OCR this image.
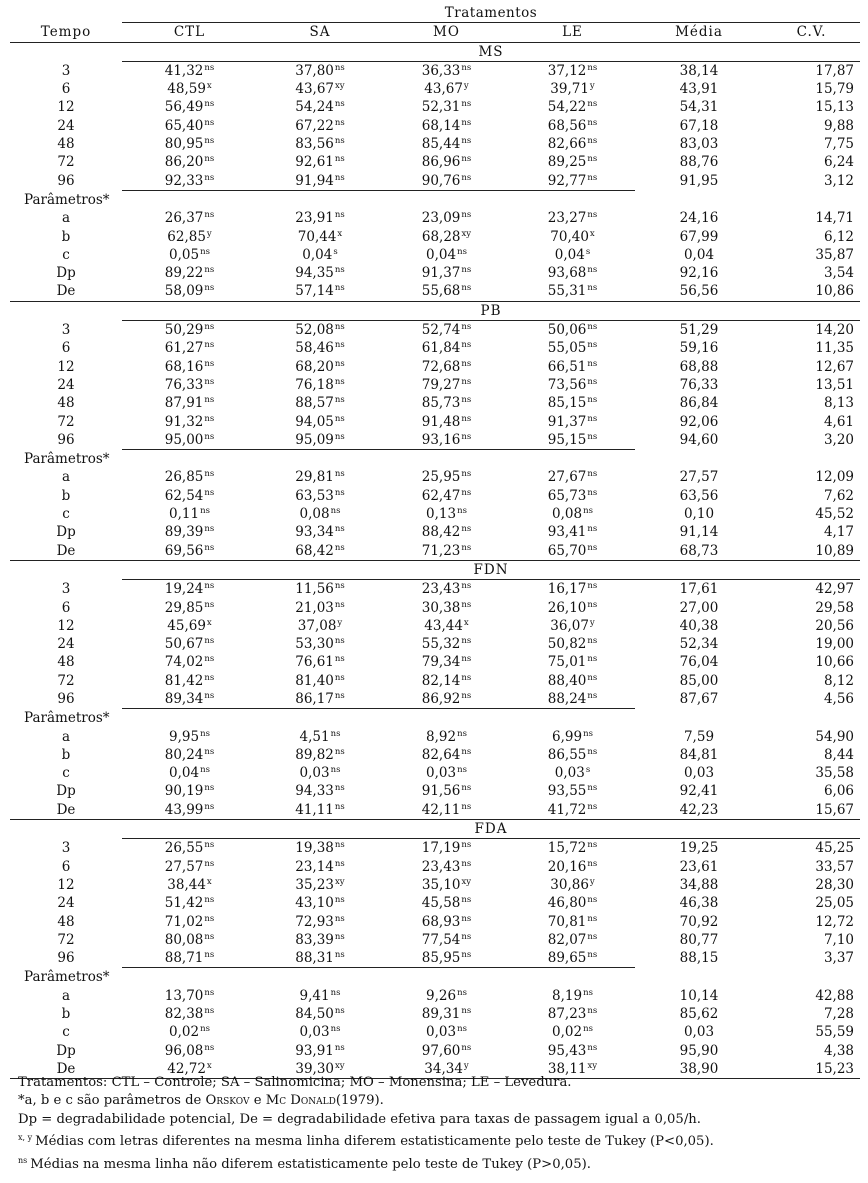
	Tratamentos					
Tempo	CTL	SA	MO	LE	Média	C.V.
	MS					
3	$41,32^{ns}$	$37,80^{ns}$	$36,33^{ns}$	$37,12^{ns}$	38,14	17,87
6	48,59$^x$	$43,67^{xy}$	43,67$^y$	39,71$^y$	43,91	15,79
12	$56,49^{ns}$	$54,24^{ns}$	$52,31^{ns}$	$54,22^{ns}$	54,31	15,13
24	$65,40^{ns}$	$67,22^{ns}$	$68,14^{ns}$	$68,56^{ns}$	67,18	9,88
48	$80,95^{ns}$	$83,56^{ns}$	$85,44^{ns}$	$82,66^{ns}$	83,03	7,75
72	$86,20^{ns}$	$92,61^{ns}$	$86,96^{ns}$	$89,25^{ns}$	88,76	6,24
96	$92,33^{ns}$	$91,94^{ns}$	$90,76^{ns}$	$92,77^{ns}$	91,95	3,12
Parâmetros*						
a	$26,37^{ns}$	$23,91^{ns}$	$23,09^{ns}$	$23,27^{ns}$	24,16	14,71
b	62,85$^y$	70,44$^x$	$68,28^{xy}$	70,40$^x$	67,99	6,12
c	$0,05^{ns}$	0,04$^s$	$0,04^{ns}$	0,04$^s$	0,04	35,87
Dp	$89,22^{ns}$	$94,35^{ns}$	$91,37^{ns}$	$93,68^{ns}$	92,16	3,54
De	$58,09^{ns}$	$57,14^{ns}$	$55,68^{ns}$	$55,31^{ns}$	56,56	10,86
	PB					
3	$50,29^{ns}$	$52,08^{ns}$	$52,74^{ns}$	$50,06^{ns}$	51,29	14,20
6	$61,27^{ns}$	$58,46^{ns}$	$61,84^{ns}$	$55,05^{ns}$	59,16	11,35
12	$68,16^{ns}$	$68,20^{ns}$	$72,68^{ns}$	$66,51^{ns}$	68,88	12,67
24	$76,33^{ns}$	$76,18^{ns}$	$79,27^{ns}$	$73,56^{ns}$	76,33	13,51
48	$87,91^{ns}$	$88,57^{ns}$	$85,73^{ns}$	$85,15^{ns}$	86,84	8,13
72	$91,32^{ns}$	$94,05^{ns}$	$91,48^{ns}$	$91,37^{ns}$	92,06	4,61
96	$95,00^{ns}$	$95,09^{ns}$	$93,16^{ns}$	$95,15^{ns}$	94,60	3,20
Parâmetros*						
a	$26,85^{ns}$	$29,81^{ns}$	$25,95^{ns}$	$27,67^{ns}$	27,57	12,09
b	$62,54^{ns}$	$63,53^{ns}$	$62,47^{ns}$	$65,73^{ns}$	63,56	7,62
c	$0,11^{ns}$	$0,08^{ns}$	$0,13^{ns}$	$0,08^{ns}$	0,10	45,52
Dp	$89,39^{ns}$	$93,34^{ns}$	$88,42^{ns}$	$93,41^{ns}$	91,14	4,17
De	$69,56^{ns}$	$68,42^{ns}$	$71,23^{ns}$	$65,70^{ns}$	68,73	10,89
	FDN					
3	$19,24^{ns}$	$11,56^{ns}$	$23,43^{ns}$	$16,17^{ns}$	17,61	42,97
6	$29,85^{ns}$	$21,03^{ns}$	$30,38^{ns}$	$26,10^{ns}$	27,00	29,58
12	45,69$^x$	37,08$^y$	43,44$^x$	36,07$^y$	40,38	20,56
24	$50,67^{ns}$	$53,30^{ns}$	$55,32^{ns}$	$50,82^{ns}$	52,34	19,00
48	$74,02^{ns}$	$76,61^{ns}$	$79,34^{ns}$	$75,01^{ns}$	76,04	10,66
72	$81,42^{ns}$	$81,40^{ns}$	$82,14^{ns}$	$88,40^{ns}$	85,00	8,12
96	$89,34^{ns}$	$86,17^{ns}$	$86,92^{ns}$	$88,24^{ns}$	87,67	4,56
Parâmetros*						
a	$9,95^{ns}$	$4,51^{ns}$	$8,92^{ns}$	$6,99^{ns}$	7,59	54,90
b	$80,24^{ns}$	$89,82^{ns}$	$82,64^{ns}$	$86,55^{ns}$	84,81	8,44
c	$0,04^{ns}$	$0,03^{ns}$	$0,03^{ns}$	0,03$^s$	0,03	35,58
Dp	$90,19^{ns}$	$94,33^{ns}$	$91,56^{ns}$	$93,55^{ns}$	92,41	6,06
De	$43,99^{ns}$	$41,11^{ns}$	$42,11^{ns}$	$41,72^{ns}$	42,23	15,67
	FDA					
3	$26,55^{ns}$	$19,38^{ns}$	$17,19^{ns}$	$15,72^{ns}$	19,25	45,25
6	$27,57^{ns}$	$23,14^{ns}$	$23,43^{ns}$	$20,16^{ns}$	23,61	33,57
12	38,44$^x$	$35,23^{xy}$	$35,10^{xy}$	30,86$^y$	34,88	28,30
24	$51,42^{ns}$	$43,10^{ns}$	$45,58^{ns}$	$46,80^{ns}$	46,38	25,05
48	$71,02^{ns}$	$72,93^{ns}$	$68,93^{ns}$	$70,81^{ns}$	70,92	12,72
72	$80,08^{ns}$	$83,39^{ns}$	$77,54^{ns}$	$82,07^{ns}$	80,77	7,10
96	$88,71^{ns}$	$88,31^{ns}$	$85,95^{ns}$	$89,65^{ns}$	88,15	3,37
Parâmetros*						
a	$13,70^{ns}$	$9,41^{ns}$	$9,26^{ns}$	$8,19^{ns}$	10,14	42,88
b	$82,38^{ns}$	$84,50^{ns}$	$89,31^{ns}$	$87,23^{ns}$	85,62	7,28
c	$0,02^{ns}$	$0,03^{ns}$	$0,03^{ns}$	$0,02^{ns}$	0,03	55,59
Dp	$96,08^{ns}$	$93,91^{ns}$	$97,60^{ns}$	$95,43^{ns}$	95,90	4,38
De	42,72$^x$	$39,30^{xy}$	34,34$^y$	$38,11^{xy}$	38,90	15,23
Tratamentos: CTL – Controle; SA – Salinomicina; MO – Monensina; LE – Levedura.
*a, b e c são parâmetros de Orskov e Mc Donald(1979).
Dp = degradabilidade potencial, De = degradabilidade efetiva para taxas de passagem igual a 0,05/h.
$^{x, y}$ Médias com letras diferentes na mesma linha diferem estatisticamente pelo teste de Tukey (P<0,05).
$^{ns}$ Médias na mesma linha não diferem estatisticamente pelo teste de Tukey (P>0,05).
